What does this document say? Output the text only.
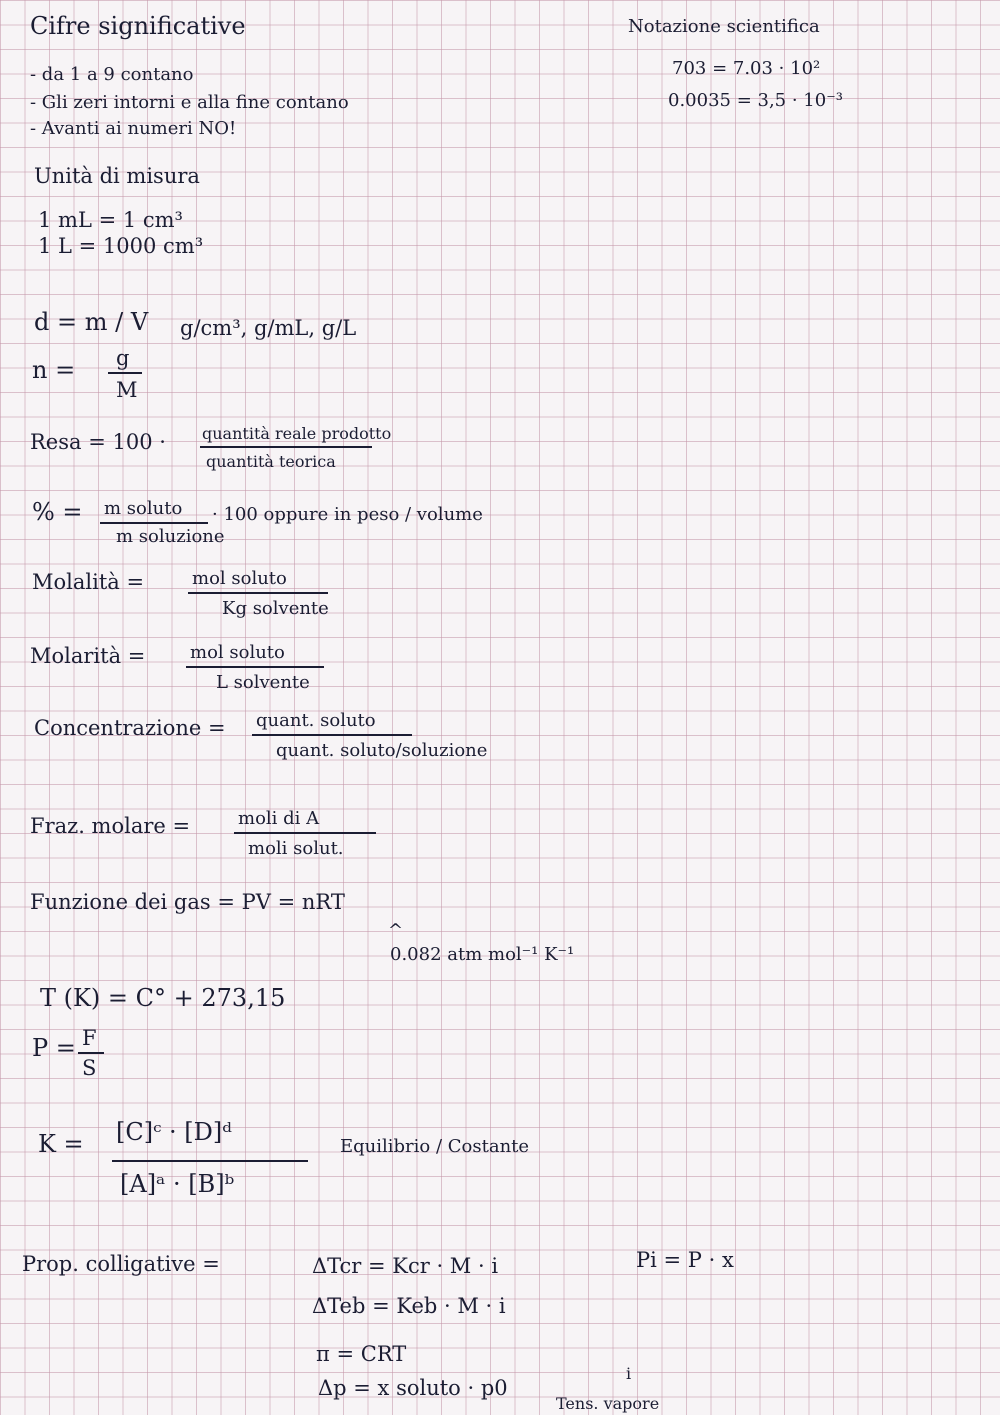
Cifre significative
- da 1 a 9 contano
- Gli zeri intorni e alla fine contano
- Avanti ai numeri NO!
Notazione scientifica
703 = 7.03 · 10²
0.0035 = 3,5 · 10⁻³
Unità di misura
1 mL = 1 cm³
1 L = 1000 cm³
d = m / V g/cm³, g/mL, g/L
n = g
M
Resa = 100 · quantità reale prodotto
quantità teorica
% = m soluto
m soluzione
· 100 oppure in peso / volume
Molalità =	mol soluto
Kg solvente
Molarità = mol soluto
L solvente
Concentrazione = quant. soluto
quant. soluto/soluzione
Fraz. molare =	moli di A
moli solut.
Funzione dei gas = PV = nRT
^
0.082 atm mol⁻¹ K⁻¹
T (K) = C° + 273,15
P = F
S
K = [C]ᶜ · [D]ᵈ
[A]ᵃ · [B]ᵇ
Equilibrio / Costante
Prop. colligative =	ΔTcr = Kcr · M · i	Pi = P · x
ΔTeb = Keb · M · i
π = CRT
Δp = x soluto · p0
i
Tens. vapore
